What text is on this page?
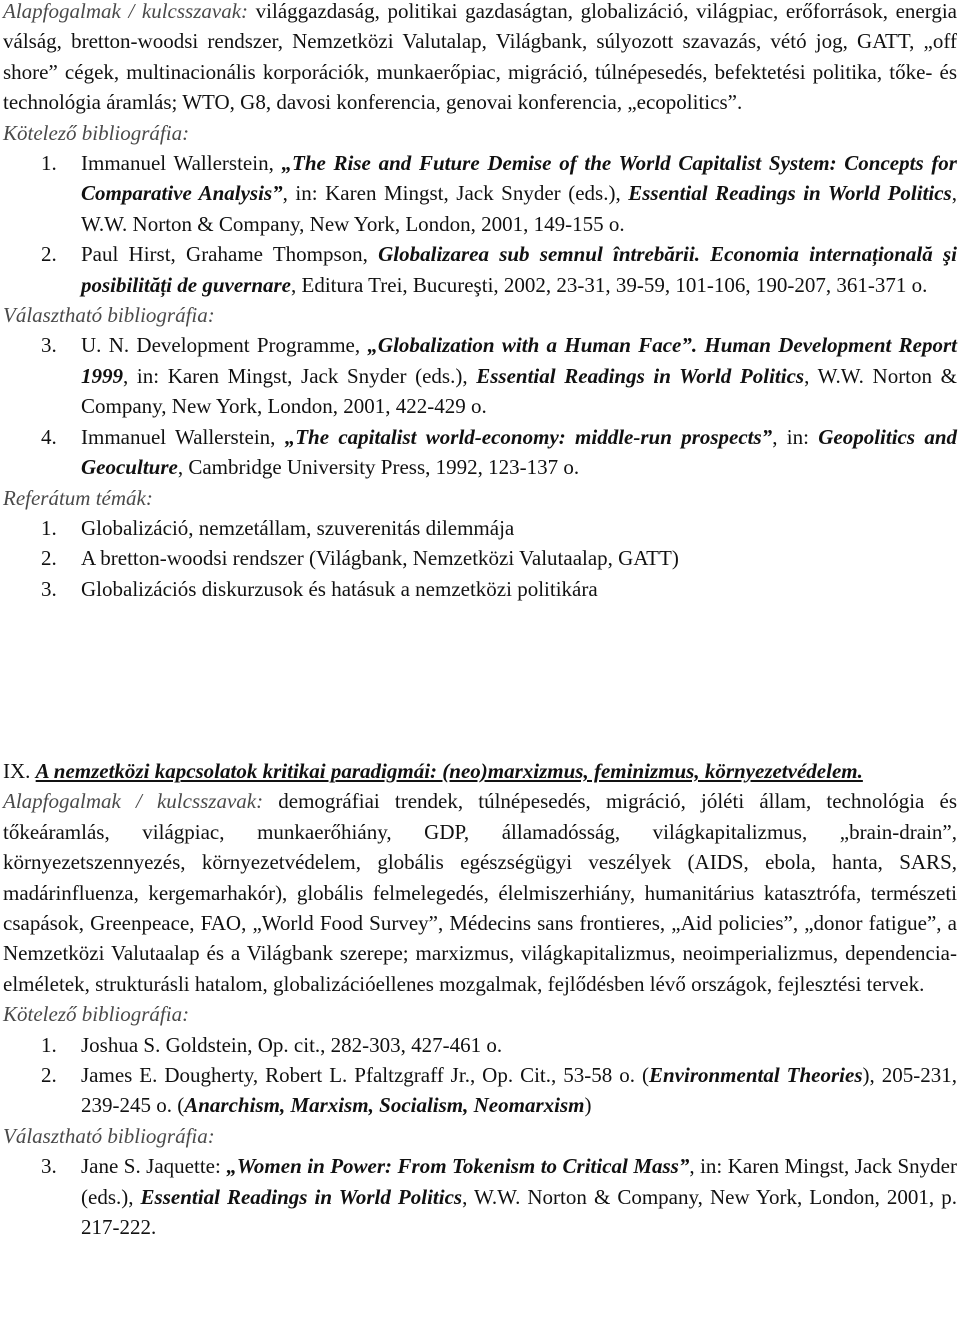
Alapfogalmak / kulcsszavak: világgazdaság, politikai gazdaságtan, globalizáció, világpiac, erőforrások, energia válság, bretton-woodsi rendszer, Nemzetközi Valutalap, Világbank, súlyozott szavazás, vétó jog, GATT, „off shore” cégek, multinacionális korporációk, munkaerőpiac, migráció, túlnépesedés, befektetési politika, tőke- és technológia áramlás; WTO, G8, davosi konferencia, genovai konferencia, „ecopolitics”.

Kötelező bibliográfia:
1. Immanuel Wallerstein, „The Rise and Future Demise of the World Capitalist System: Concepts for Comparative Analysis”, in: Karen Mingst, Jack Snyder (eds.), Essential Readings in World Politics, W.W. Norton & Company, New York, London, 2001, 149-155 o.
2. Paul Hirst, Grahame Thompson, Globalizarea sub semnul întrebării. Economia internațională şi posibilități de guvernare, Editura Trei, Bucureşti, 2002, 23-31, 39-59, 101-106, 190-207, 361-371 o.
Választható bibliográfia:
3. U. N. Development Programme, „Globalization with a Human Face”. Human Development Report 1999, in: Karen Mingst, Jack Snyder (eds.), Essential Readings in World Politics, W.W. Norton & Company, New York, London, 2001, 422-429 o.
4. Immanuel Wallerstein, „The capitalist world-economy: middle-run prospects”, in: Geopolitics and Geoculture, Cambridge University Press, 1992, 123-137 o.
Referátum témák:
1. Globalizáció, nemzetállam, szuverenitás dilemmája
2. A bretton-woodsi rendszer (Világbank, Nemzetközi Valutaalap, GATT)
3. Globalizációs diskurzusok és hatásuk a nemzetközi politikára

IX. A nemzetközi kapcsolatok kritikai paradigmái: (neo)marxizmus, feminizmus, környezetvédelem.

Alapfogalmak / kulcsszavak: demográfiai trendek, túlnépesedés, migráció, jóléti állam, technológia és tőkeáramlás, világpiac, munkaerőhiány, GDP, államadósság, világkapitalizmus, „brain-drain”, környezetszennyezés, környezetvédelem, globális egészségügyi veszélyek (AIDS, ebola, hanta, SARS, madárinfluenza, kergemarhakór), globális felmelegedés, élelmiszerhiány, humanitárius katasztrófa, természeti csapások, Greenpeace, FAO, „World Food Survey”, Médecins sans frontieres, „Aid policies”, „donor fatigue”, a Nemzetközi Valutaalap és a Világbank szerepe; marxizmus, világkapitalizmus, neoimperializmus, dependencia-elméletek, strukturásli hatalom, globalizációellenes mozgalmak, fejlődésben lévő országok, fejlesztési tervek.

Kötelező bibliográfia:
1. Joshua S. Goldstein, Op. cit., 282-303, 427-461 o.
2. James E. Dougherty, Robert L. Pfaltzgraff Jr., Op. Cit., 53-58 o. (Environmental Theories), 205-231, 239-245 o. (Anarchism, Marxism, Socialism, Neomarxism)
Választható bibliográfia:
3. Jane S. Jaquette: „Women in Power: From Tokenism to Critical Mass”, in: Karen Mingst, Jack Snyder (eds.), Essential Readings in World Politics, W.W. Norton & Company, New York, London, 2001, p. 217-222.
